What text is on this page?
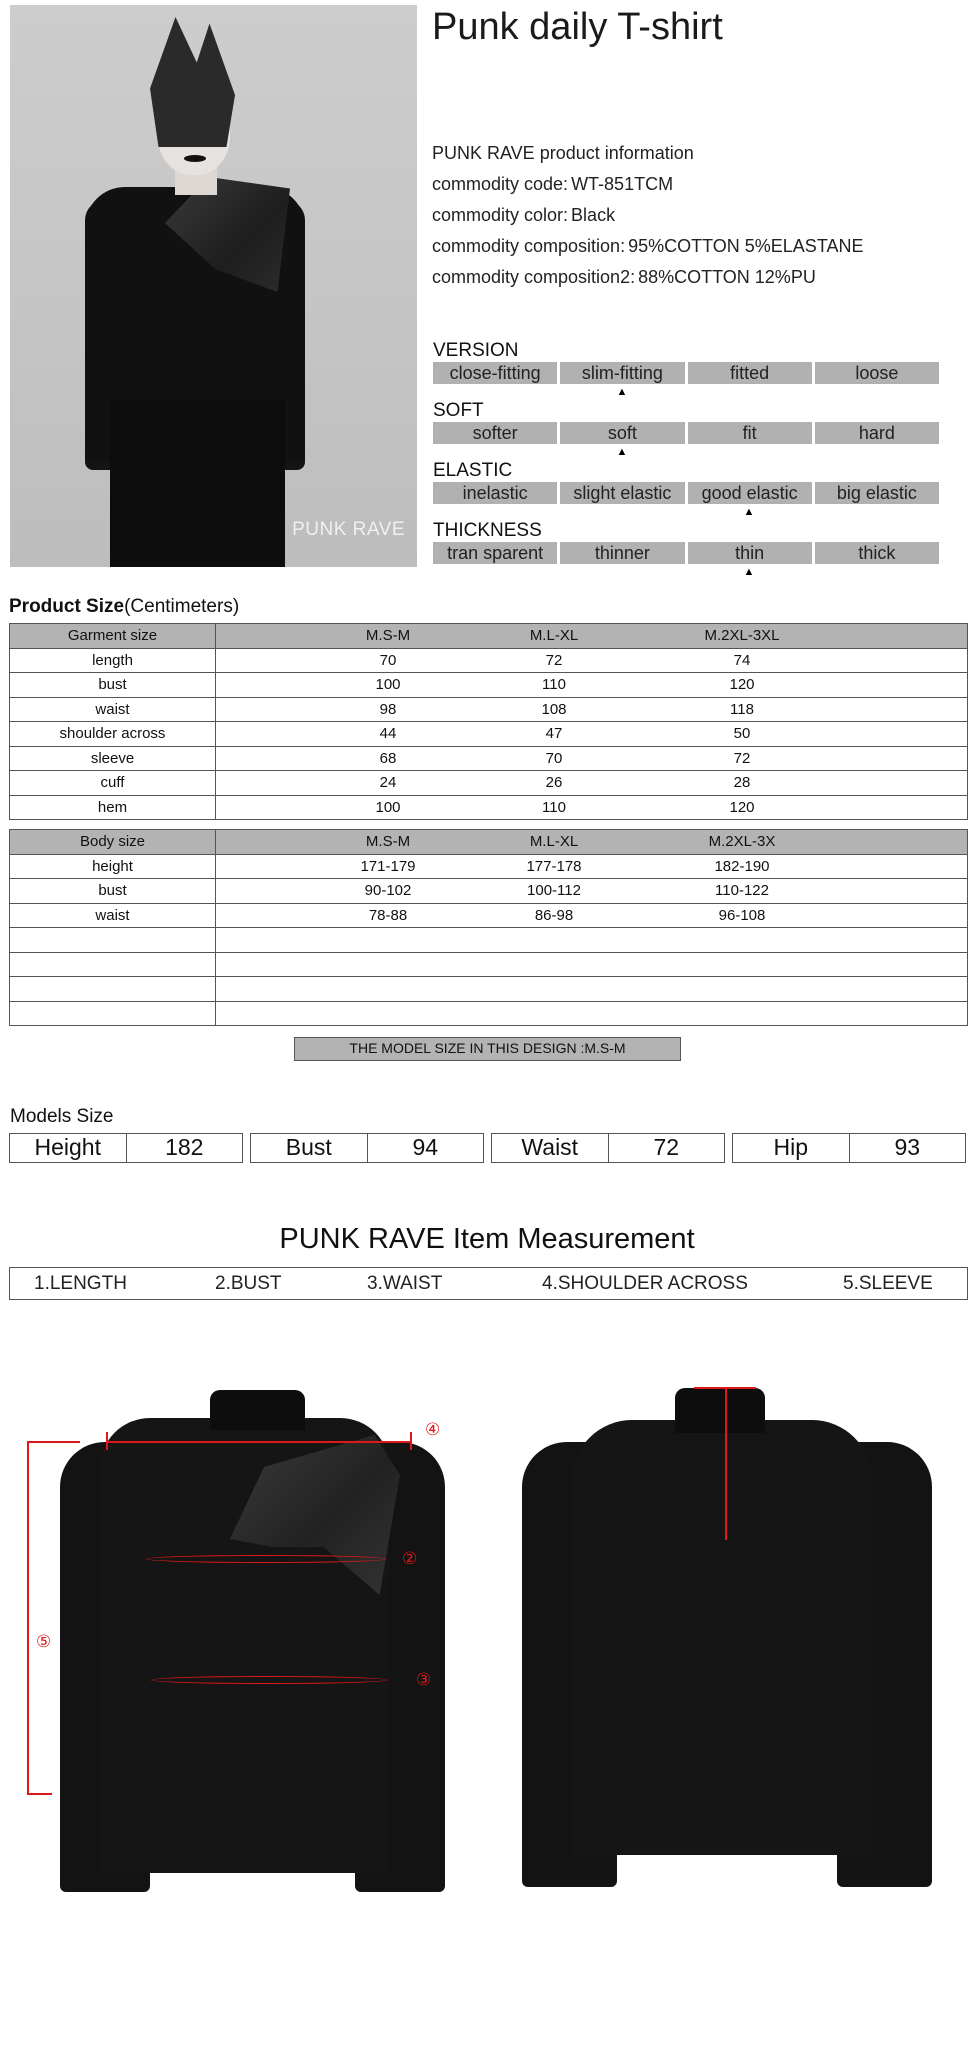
PUNK RAVE
Punk daily T-shirt
PUNK RAVE product information
commodity code: WT-851TCM
commodity color: Black
commodity composition: 95%COTTON 5%ELASTANE
commodity composition2: 88%COTTON 12%PU
VERSION
close-fitting	slim-fitting	fitted	loose
▲
SOFT
softer	soft	fit	hard
▲
ELASTIC
inelastic	slight elastic	good elastic	big elastic
▲
THICKNESS
tran sparent	thinner	thin	thick
▲
Product Size(Centimeters)
Garment size	M.S-M M.L-XL M.2XL-3XL

length	70 72 74

bust	100 110 120

waist	98 108 118

shoulder across	44 47 50

sleeve	68 70 72

cuff	24 26 28

hem	100 110 120
Body size	M.S-M M.L-XL M.2XL-3X

height	171-179 177-178 182-190

bust	90-102 100-112 110-122

waist	78-88 86-98 96-108

THE MODEL SIZE IN THIS DESIGN :M.S-M
Models Size
Height	182	Bust	94	Waist	72	Hip	93
PUNK RAVE Item Measurement
1.LENGTH	2.BUST	3.WAIST	4.SHOULDER ACROSS	5.SLEEVE
④
②
③
⑤
